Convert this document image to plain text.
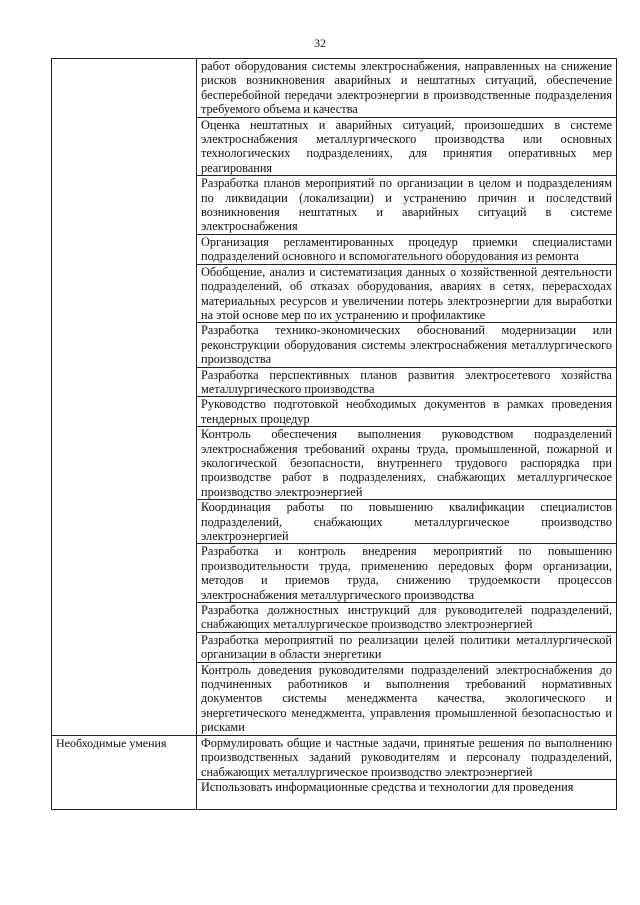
32
	работ оборудования системы электроснабжения, направленных на снижение рисков возникновения аварийных и нештатных ситуаций, обеспечение бесперебойной передачи электроэнергии в производственные подразделения требуемого объема и качества
	Оценка нештатных и аварийных ситуаций, произошедших в системе электроснабжения металлургического производства или основных технологических подразделениях, для принятия оперативных мер реагирования
	Разработка планов мероприятий по организации в целом и подразделениям по ликвидации (локализации) и устранению причин и последствий возникновения нештатных и аварийных ситуаций в системе электроснабжения
	Организация регламентированных процедур приемки специалистами подразделений основного и вспомогательного оборудования из ремонта
	Обобщение, анализ и систематизация данных о хозяйственной деятельности подразделений, об отказах оборудования, авариях в сетях, перерасходах материальных ресурсов и увеличении потерь электроэнергии для выработки на этой основе мер по их устранению и профилактике
	Разработка технико-экономических обоснований модернизации или реконструкции оборудования системы электроснабжения металлургического производства
	Разработка перспективных планов развития электросетевого хозяйства металлургического производства
	Руководство подготовкой необходимых документов в рамках проведения тендерных процедур
	Контроль обеспечения выполнения руководством подразделений электроснабжения требований охраны труда, промышленной, пожарной и экологической безопасности, внутреннего трудового распорядка при производстве работ в подразделениях, снабжающих металлургическое производство электроэнергией
	Координация работы по повышению квалификации специалистов подразделений, снабжающих металлургическое производство электроэнергией
	Разработка и контроль внедрения мероприятий по повышению производительности труда, применению передовых форм организации, методов и приемов труда, снижению трудоемкости процессов электроснабжения металлургического производства
	Разработка должностных инструкций для руководителей подразделений, снабжающих металлургическое производство электроэнергией
	Разработка мероприятий по реализации целей политики металлургической организации в области энергетики
	Контроль доведения руководителями подразделений электроснабжения до подчиненных работников и выполнения требований нормативных документов системы менеджмента качества, экологического и энергетического менеджмента, управления промышленной безопасностью и рисками
Необходимые умения	Формулировать общие и частные задачи, принятые решения по выполнению производственных заданий руководителям и персоналу подразделений, снабжающих металлургическое производство электроэнергией
	Использовать информационные средства и технологии для проведения
